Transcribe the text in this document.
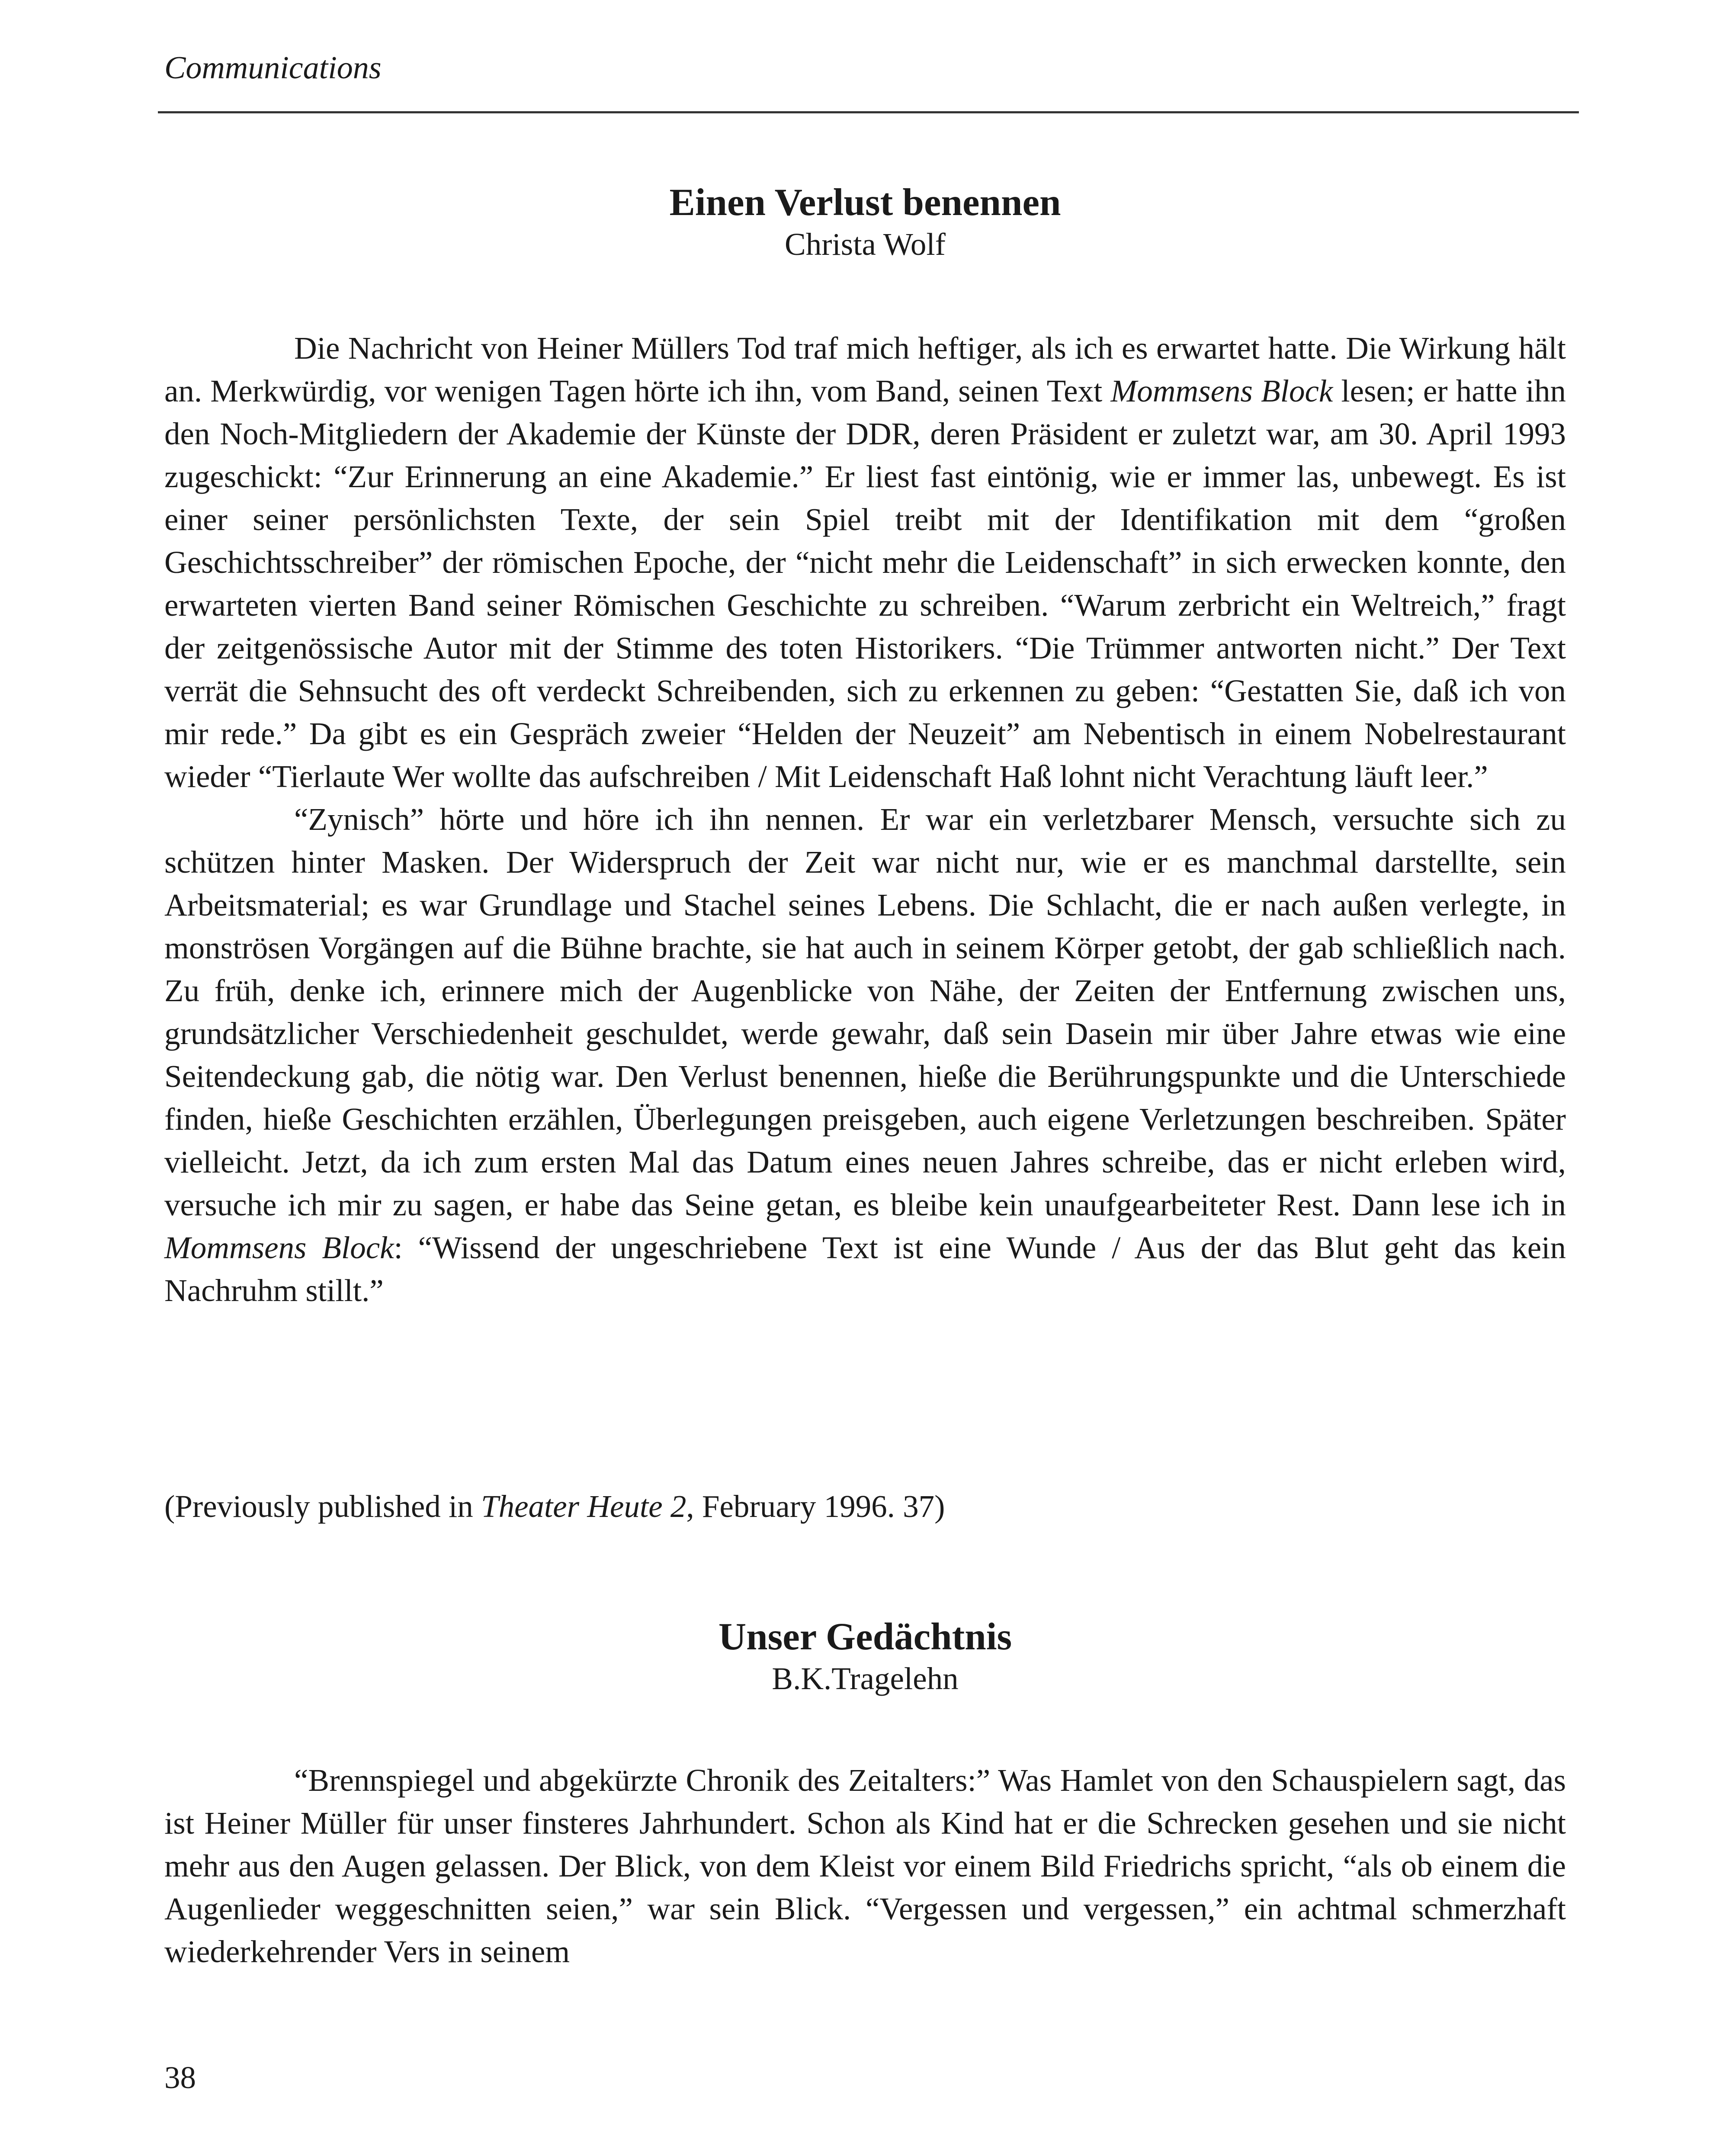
Communications
Einen Verlust benennen
Christa Wolf

Die Nachricht von Heiner Müllers Tod traf mich heftiger, als ich es erwartet hatte. Die Wirkung hält an. Merkwürdig, vor wenigen Tagen hörte ich ihn, vom Band, seinen Text Mommsens Block lesen; er hatte ihn den Noch-Mitgliedern der Akademie der Künste der DDR, deren Präsident er zuletzt war, am 30. April 1993 zugeschickt: “Zur Erinnerung an eine Akademie.” Er liest fast eintönig, wie er immer las, unbewegt. Es ist einer seiner persönlichsten Texte, der sein Spiel treibt mit der Identifikation mit dem “großen Geschichtsschreiber” der römischen Epoche, der “nicht mehr die Leidenschaft” in sich erwecken konnte, den erwarteten vierten Band seiner Römischen Geschichte zu schreiben. “Warum zerbricht ein Weltreich,” fragt der zeitgenössische Autor mit der Stimme des toten Historikers. “Die Trümmer antworten nicht.” Der Text verrät die Sehnsucht des oft verdeckt Schreibenden, sich zu erkennen zu geben: “Gestatten Sie, daß ich von mir rede.” Da gibt es ein Gespräch zweier “Helden der Neuzeit” am Nebentisch in einem Nobelrestaurant wieder “Tierlaute Wer wollte das aufschreiben / Mit Leidenschaft Haß lohnt nicht Verachtung läuft leer.”

“Zynisch” hörte und höre ich ihn nennen. Er war ein verletzbarer Mensch, versuchte sich zu schützen hinter Masken. Der Widerspruch der Zeit war nicht nur, wie er es manchmal darstellte, sein Arbeitsmaterial; es war Grundlage und Stachel seines Lebens. Die Schlacht, die er nach außen verlegte, in monströsen Vorgängen auf die Bühne brachte, sie hat auch in seinem Körper getobt, der gab schließlich nach. Zu früh, denke ich, erinnere mich der Augenblicke von Nähe, der Zeiten der Entfernung zwischen uns, grundsätzlicher Verschiedenheit geschuldet, werde gewahr, daß sein Dasein mir über Jahre etwas wie eine Seitendeckung gab, die nötig war. Den Verlust benennen, hieße die Berührungspunkte und die Unterschiede finden, hieße Geschichten erzählen, Überlegungen preisgeben, auch eigene Verletzungen beschreiben. Später vielleicht. Jetzt, da ich zum ersten Mal das Datum eines neuen Jahres schreibe, das er nicht erleben wird, versuche ich mir zu sagen, er habe das Seine getan, es bleibe kein unaufgearbeiteter Rest. Dann lese ich in Mommsens Block: “Wissend der ungeschriebene Text ist eine Wunde / Aus der das Blut geht das kein Nachruhm stillt.”

(Previously published in Theater Heute 2, February 1996. 37)

Unser Gedächtnis
B.K.Tragelehn

“Brennspiegel und abgekürzte Chronik des Zeitalters:” Was Hamlet von den Schauspielern sagt, das ist Heiner Müller für unser finsteres Jahrhundert. Schon als Kind hat er die Schrecken gesehen und sie nicht mehr aus den Augen gelassen. Der Blick, von dem Kleist vor einem Bild Friedrichs spricht, “als ob einem die Augenlieder weggeschnitten seien,” war sein Blick. “Vergessen und vergessen,” ein achtmal schmerzhaft wiederkehrender Vers in seinem

38
